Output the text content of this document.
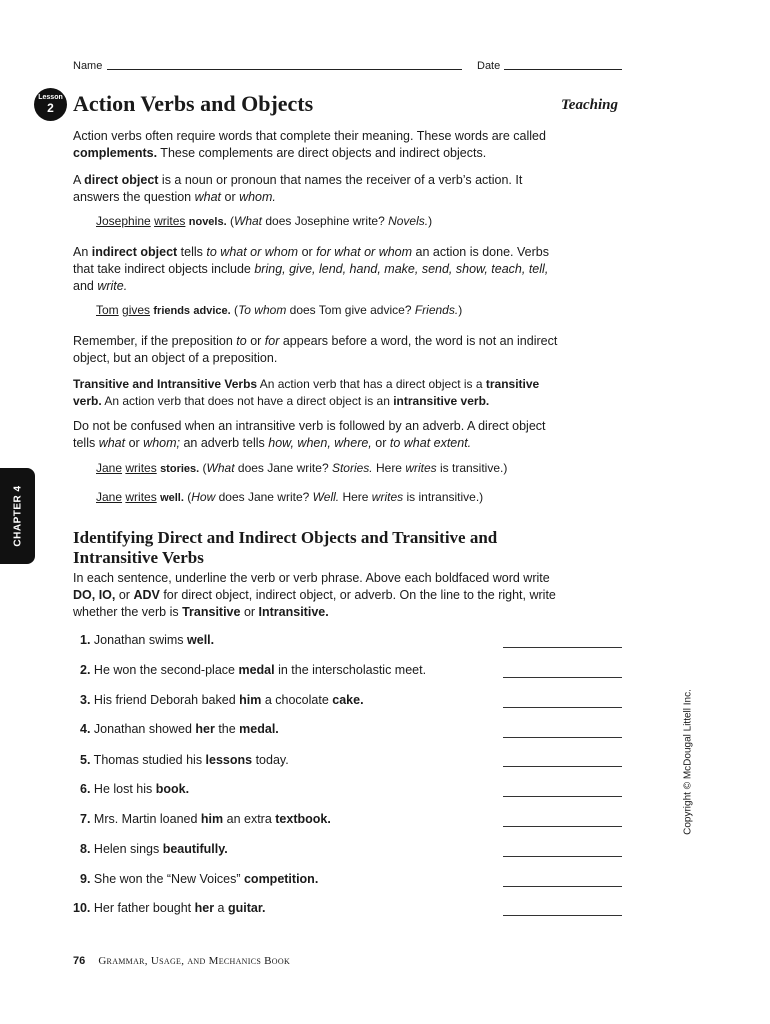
Name	Date
Lesson
2 Action Verbs and Objects	Teaching
Action verbs often require words that complete their meaning. These words are called complements. These complements are direct objects and indirect objects.
A direct object is a noun or pronoun that names the receiver of a verb’s action. It answers the question what or whom.
Josephine writes novels. (What does Josephine write? Novels.)
An indirect object tells to what or whom or for what or whom an action is done. Verbs that take indirect objects include bring, give, lend, hand, make, send, show, teach, tell, and write.
Tom gives friends advice. (To whom does Tom give advice? Friends.)
Remember, if the preposition to or for appears before a word, the word is not an indirect object, but an object of a preposition.
Transitive and Intransitive Verbs An action verb that has a direct object is a transitive verb. An action verb that does not have a direct object is an intransitive verb.
Do not be confused when an intransitive verb is followed by an adverb. A direct object tells what or whom; an adverb tells how, when, where, or to what extent.
Jane writes stories. (What does Jane write? Stories. Here writes is transitive.)
Jane writes well. (How does Jane write? Well. Here writes is intransitive.)
CHAPTER 4	Identifying Direct and Indirect Objects and Transitive and
Intransitive Verbs
In each sentence, underline the verb or verb phrase. Above each boldfaced word write DO, IO, or ADV for direct object, indirect object, or adverb. On the line to the right, write whether the verb is Transitive or Intransitive.
1. Jonathan swims well.
2. He won the second-place medal in the interscholastic meet.
3. His friend Deborah baked him a chocolate cake.
4. Jonathan showed her the medal.
5. Thomas studied his lessons today.
6. He lost his book.
7. Mrs. Martin loaned him an extra textbook.
8. Helen sings beautifully.
9. She won the “New Voices” competition.
10. Her father bought her a guitar.
Copyright © McDougal Littell Inc.
76 Grammar, Usage, and Mechanics Book
